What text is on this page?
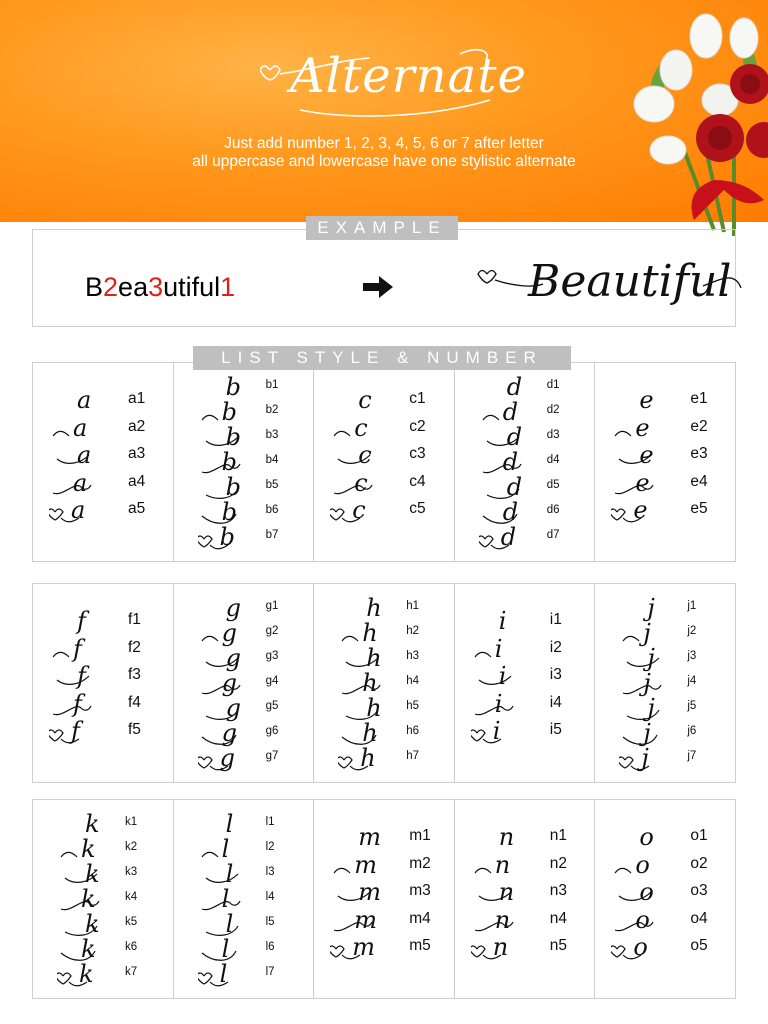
Alternate
Just add number 1, 2, 3, 4, 5, 6 or 7 after letter
all uppercase and lowercase have one stylistic alternate
EXAMPLE
B2ea3utiful1	Beautiful
LIST STYLE & NUMBER
a a1
a	a2
a a3
a	a4
a	a5
b b1
b b2
b b3
b b4
b b5
b b6
b	b7
c c1
c	c2
c c3
c	c4
c	c5
d d1
d d2
d d3
d d4
d d5
d d6
d	d7
e e1
e	e2
e e3
e	e4
e	e5
f	f1
f	f2
f	f3
f	f4
f	f5
g g1
g g2
g g3
g g4
g g5
g g6
g	g7
h h1
h h2
h h3
h h4
h h5
h h6
h	h7
i	i1
i	i2
i	i3
i	i4
i	i5
j	j1
j	j2
j	j3
j	j4
j	j5
j	j6
j	j7
k k1
k	k2
k k3
k	k4
k k5
k	k6
k	k7
l	l1
l	l2
l	l3
l	l4
l	l5
l	l6
l	l7
m m1
m m2
m m3
m m4
m m5
n n1
n	n2
n n3
n	n4
n	n5
o o1
o	o2
o o3
o	o4
o	o5
